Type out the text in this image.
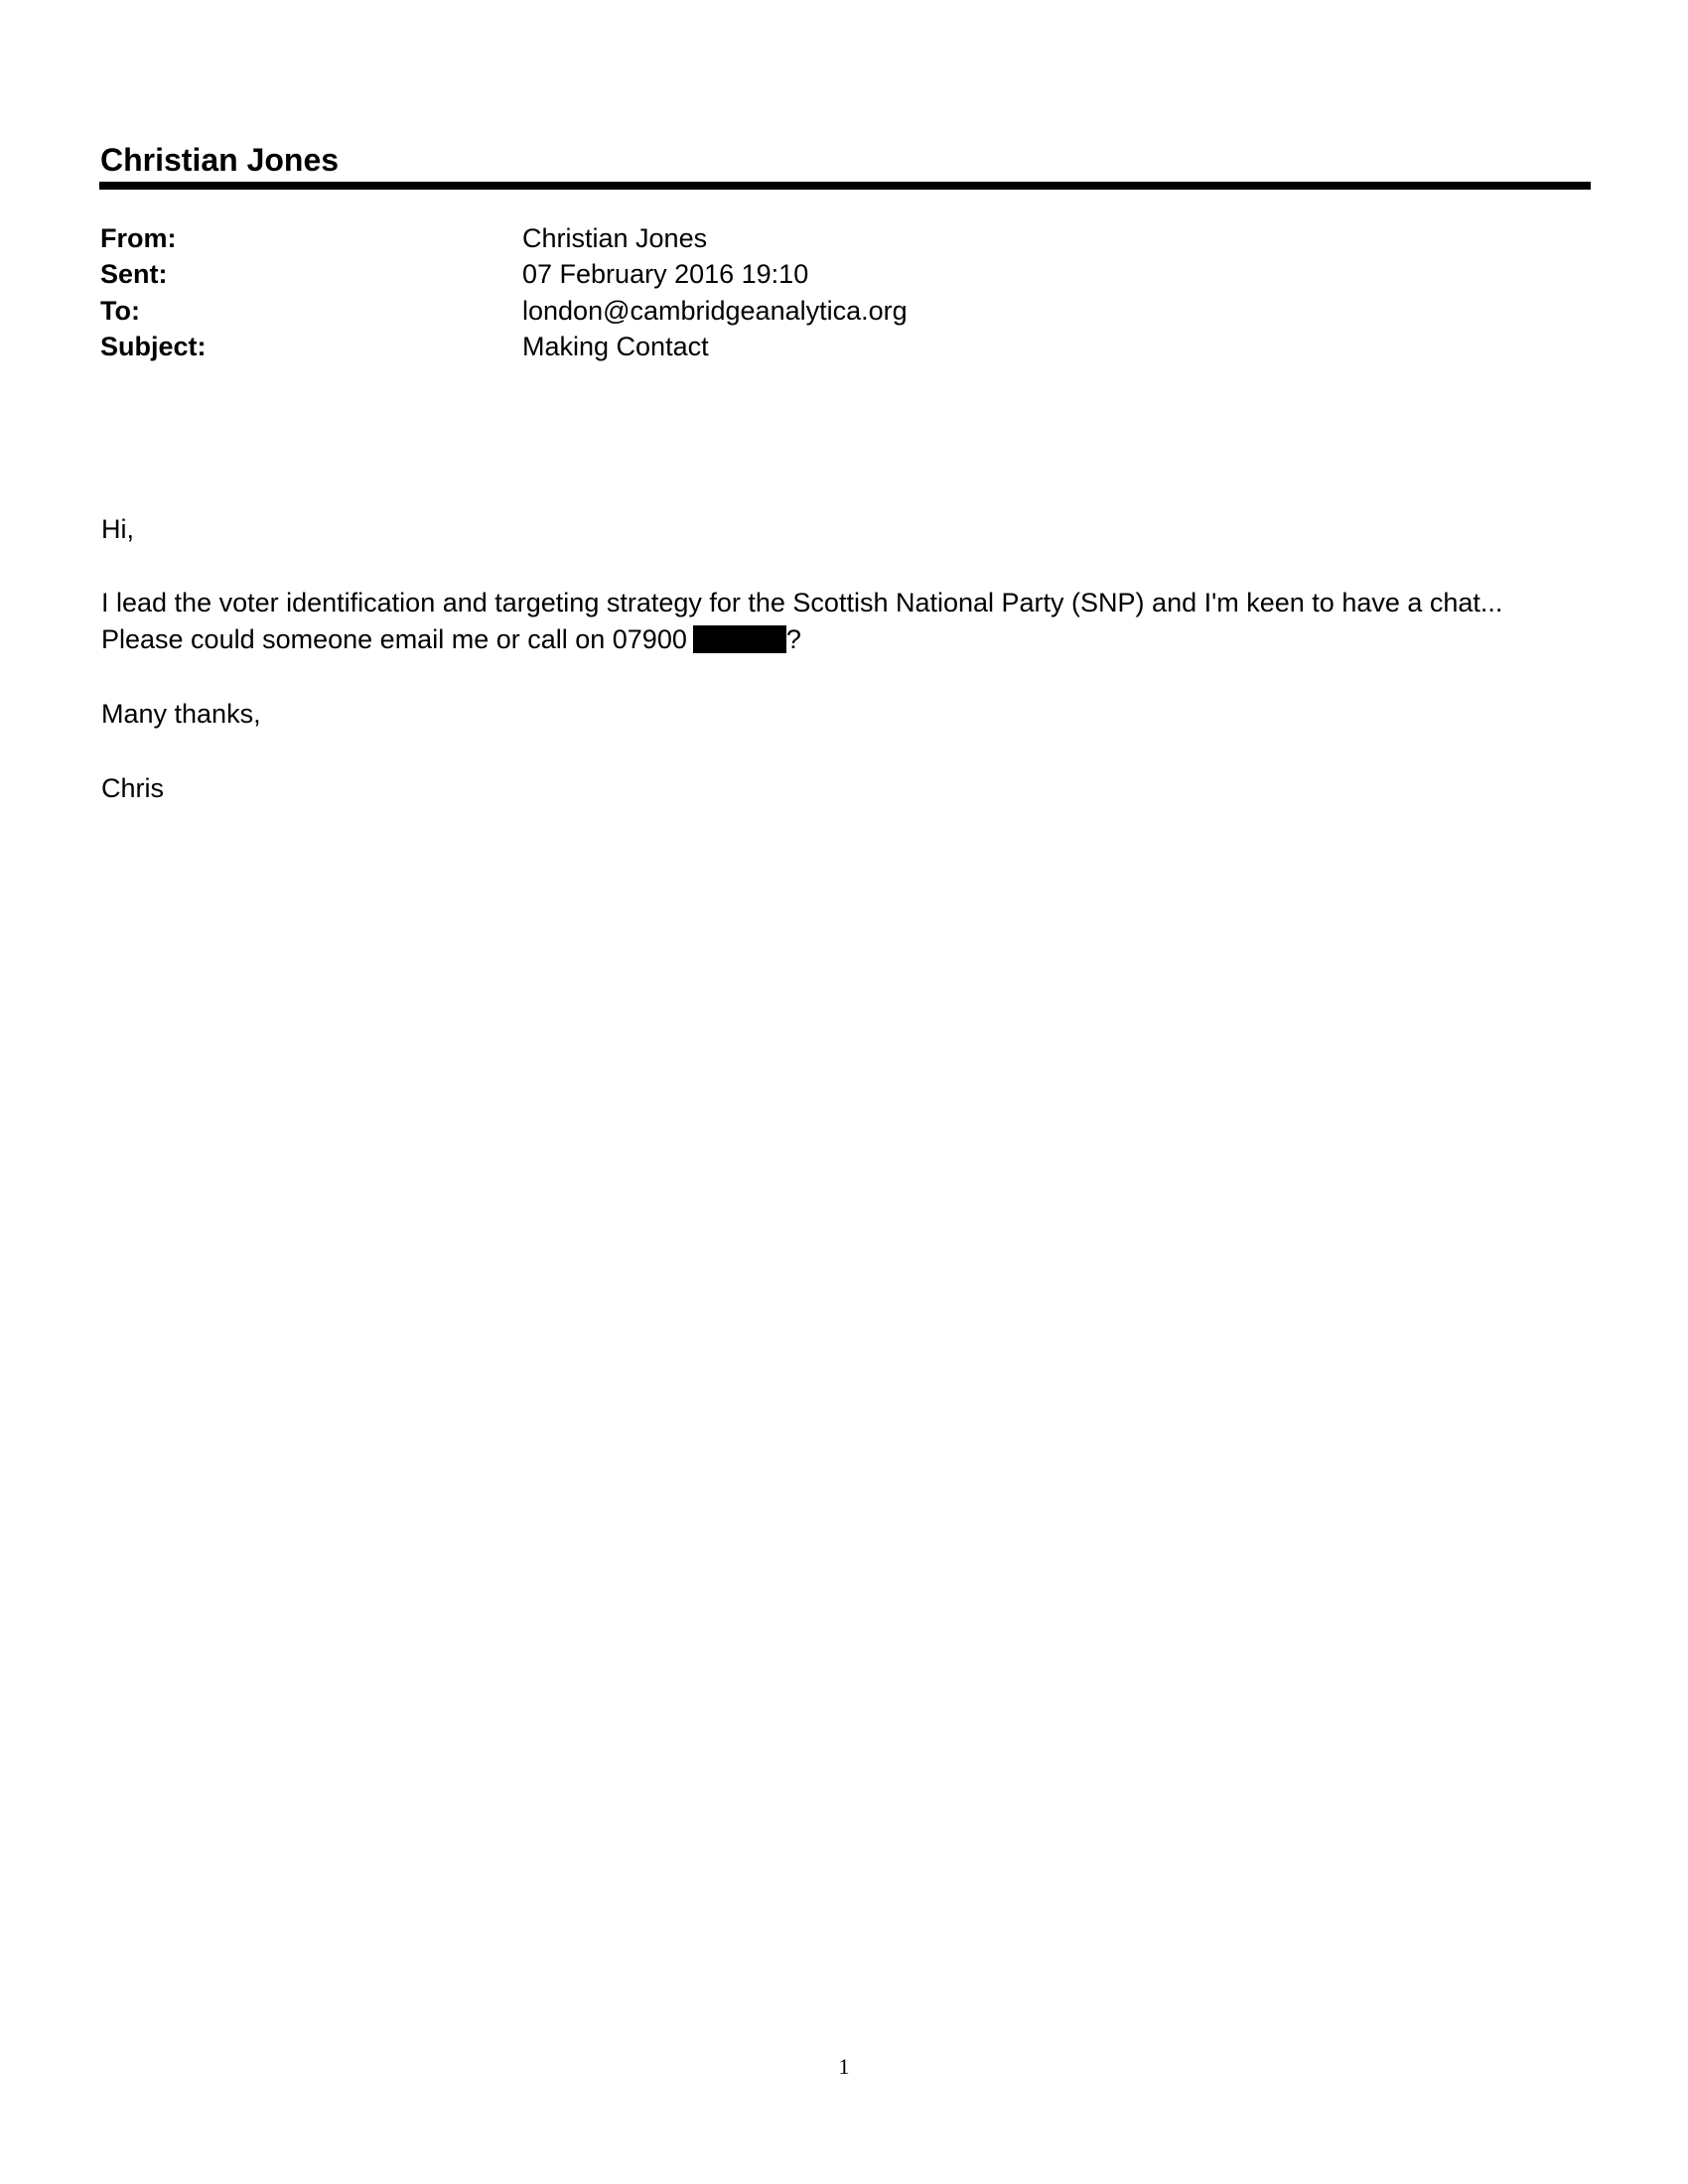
Christian Jones
From:	Christian Jones
Sent:	07 February 2016 19:10
To:	london@cambridgeanalytica.org
Subject:	Making Contact
Hi,
I lead the voter identification and targeting strategy for the Scottish National Party (SNP) and I'm keen to have a chat...
Please could someone email me or call on 07900	?
Many thanks,
Chris
1
